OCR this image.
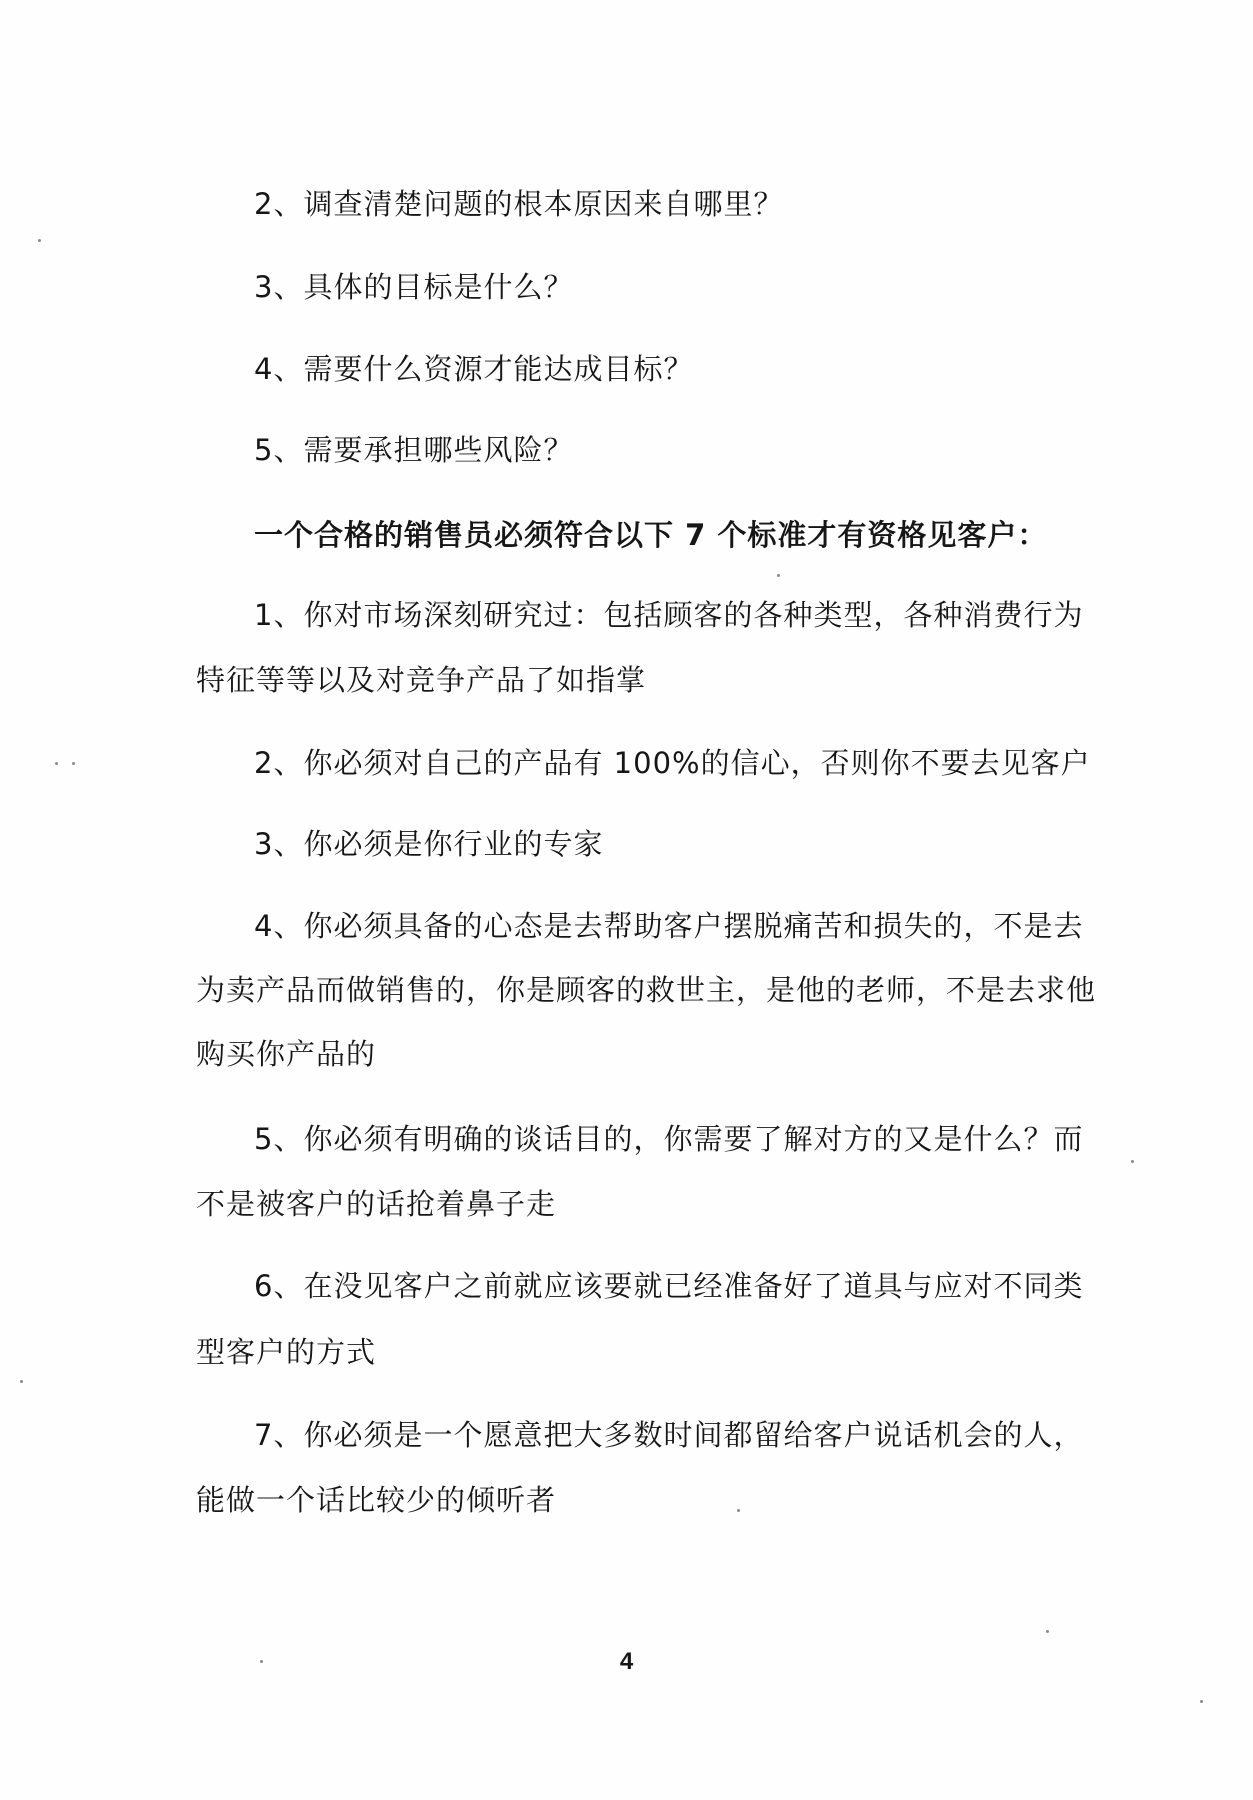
2、调查清楚问题的根本原因来自哪里？
3、具体的目标是什么？
4、需要什么资源才能达成目标？
5、需要承担哪些风险？
一个合格的销售员必须符合以下 7 个标准才有资格见客户：
1、你对市场深刻研究过：包括顾客的各种类型，各种消费行为
特征等等以及对竞争产品了如指掌
2、你必须对自己的产品有 100%的信心，否则你不要去见客户
3、你必须是你行业的专家
4、你必须具备的心态是去帮助客户摆脱痛苦和损失的，不是去
为卖产品而做销售的，你是顾客的救世主，是他的老师，不是去求他
购买你产品的
5、你必须有明确的谈话目的，你需要了解对方的又是什么？而
不是被客户的话抢着鼻子走
6、在没见客户之前就应该要就已经准备好了道具与应对不同类
型客户的方式
7、你必须是一个愿意把大多数时间都留给客户说话机会的人，
能做一个话比较少的倾听者
4
